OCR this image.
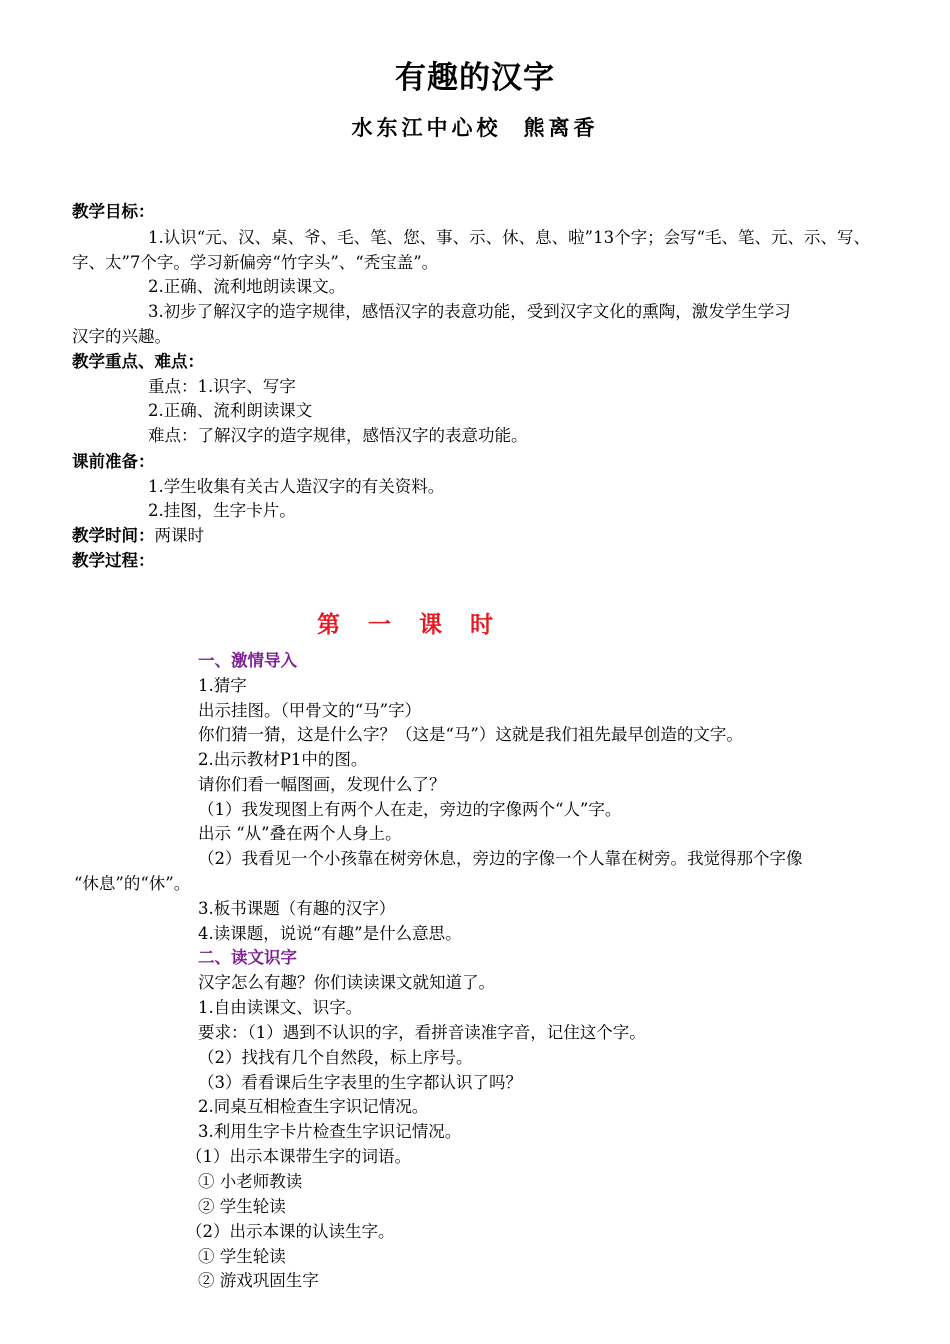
有趣的汉字
水东江中心校 熊离香
教学目标：
1.认识“元、汉、桌、爷、毛、笔、您、事、示、休、息、啦”13个字；会写“毛、笔、元、示、写、
字、太”7个字。学习新偏旁“竹字头”、“秃宝盖”。
2.正确、流利地朗读课文。
3.初步了解汉字的造字规律，感悟汉字的表意功能，受到汉字文化的熏陶，激发学生学习
汉字的兴趣。
教学重点、难点：
重点：1.识字、写字
2.正确、流利朗读课文
难点：了解汉字的造字规律，感悟汉字的表意功能。
课前准备：
1.学生收集有关古人造汉字的有关资料。
2.挂图，生字卡片。
教学时间：两课时
教学过程：
第 一 课 时
一、激情导入
1.猜字
出示挂图。（甲骨文的“马”字）
你们猜一猜，这是什么字？（这是“马”）这就是我们祖先最早创造的文字。
2.出示教材P1中的图。
请你们看一幅图画，发现什么了？
（1）我发现图上有两个人在走，旁边的字像两个“人”字。
出示 “从”叠在两个人身上。
（2）我看见一个小孩靠在树旁休息，旁边的字像一个人靠在树旁。我觉得那个字像
“休息”的“休”。
3.板书课题（有趣的汉字）
4.读课题，说说“有趣”是什么意思。
二、读文识字
汉字怎么有趣？你们读读课文就知道了。
1.自由读课文、识字。
要求：（1）遇到不认识的字，看拼音读准字音，记住这个字。
（2）找找有几个自然段，标上序号。
（3）看看课后生字表里的生字都认识了吗？
2.同桌互相检查生字识记情况。
3.利用生字卡片检查生字识记情况。
（1）出示本课带生字的词语。
① 小老师教读
② 学生轮读
（2）出示本课的认读生字。
① 学生轮读
② 游戏巩固生字
